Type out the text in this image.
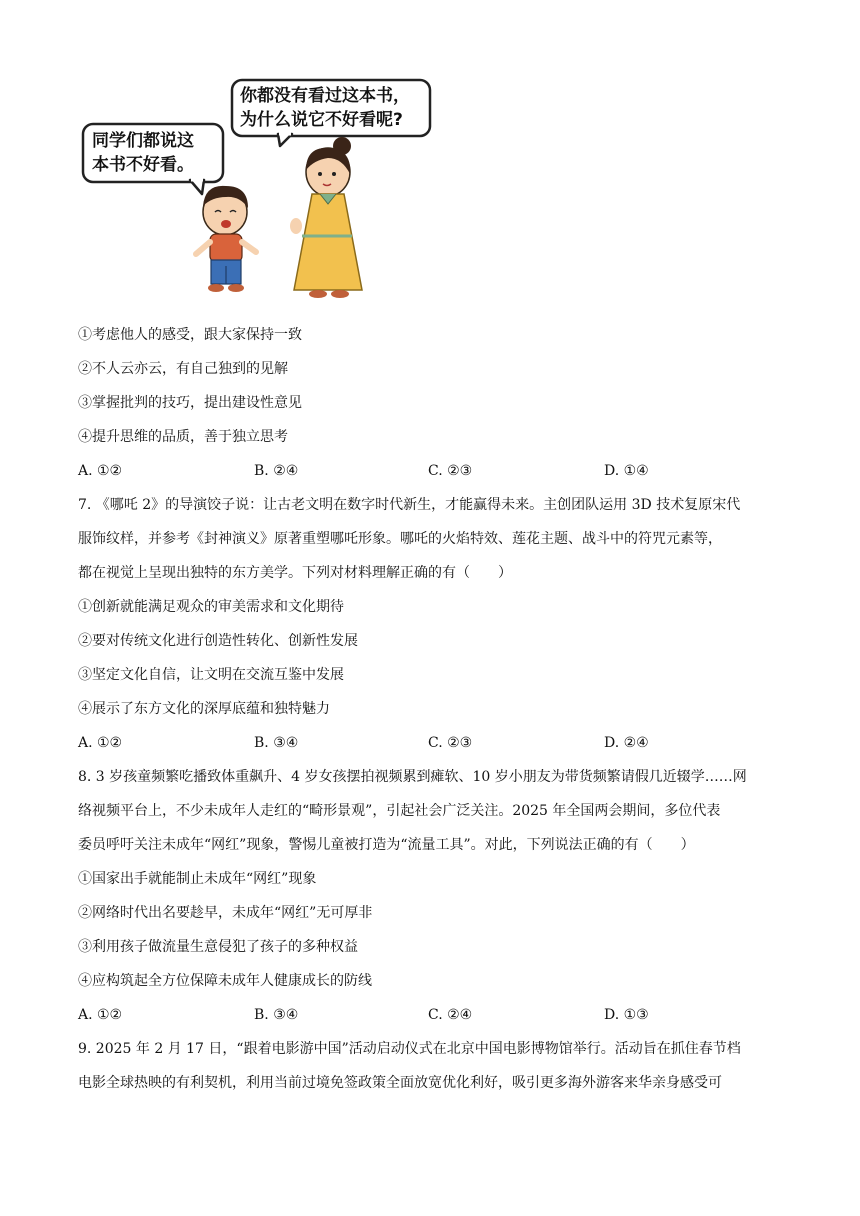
同学们都说这
本书不好看。
你都没有看过这本书，
为什么说它不好看呢?
①考虑他人的感受，跟大家保持一致
②不人云亦云，有自己独到的见解
③掌握批判的技巧，提出建设性意见
④提升思维的品质，善于独立思考
A. ①②	B. ②④	C. ②③	D. ①④
7. 《哪吒 2》的导演饺子说：让古老文明在数字时代新生，才能赢得未来。主创团队运用 3D 技术复原宋代
服饰纹样，并参考《封神演义》原著重塑哪吒形象。哪吒的火焰特效、莲花主题、战斗中的符咒元素等，
都在视觉上呈现出独特的东方美学。下列对材料理解正确的有（　　）
①创新就能满足观众的审美需求和文化期待
②要对传统文化进行创造性转化、创新性发展
③坚定文化自信，让文明在交流互鉴中发展
④展示了东方文化的深厚底蕴和独特魅力
A. ①②	B. ③④	C. ②③	D. ②④
8. 3 岁孩童频繁吃播致体重飙升、4 岁女孩摆拍视频累到瘫软、10 岁小朋友为带货频繁请假几近辍学……网
络视频平台上，不少未成年人走红的“畸形景观”，引起社会广泛关注。2025 年全国两会期间，多位代表
委员呼吁关注未成年“网红”现象，警惕儿童被打造为“流量工具”。对此，下列说法正确的有（　　）
①国家出手就能制止未成年“网红”现象
②网络时代出名要趁早，未成年“网红”无可厚非
③利用孩子做流量生意侵犯了孩子的多种权益
④应构筑起全方位保障未成年人健康成长的防线
A. ①②	B. ③④	C. ②④	D. ①③
9. 2025 年 2 月 17 日，“跟着电影游中国”活动启动仪式在北京中国电影博物馆举行。活动旨在抓住春节档
电影全球热映的有利契机，利用当前过境免签政策全面放宽优化利好，吸引更多海外游客来华亲身感受可
